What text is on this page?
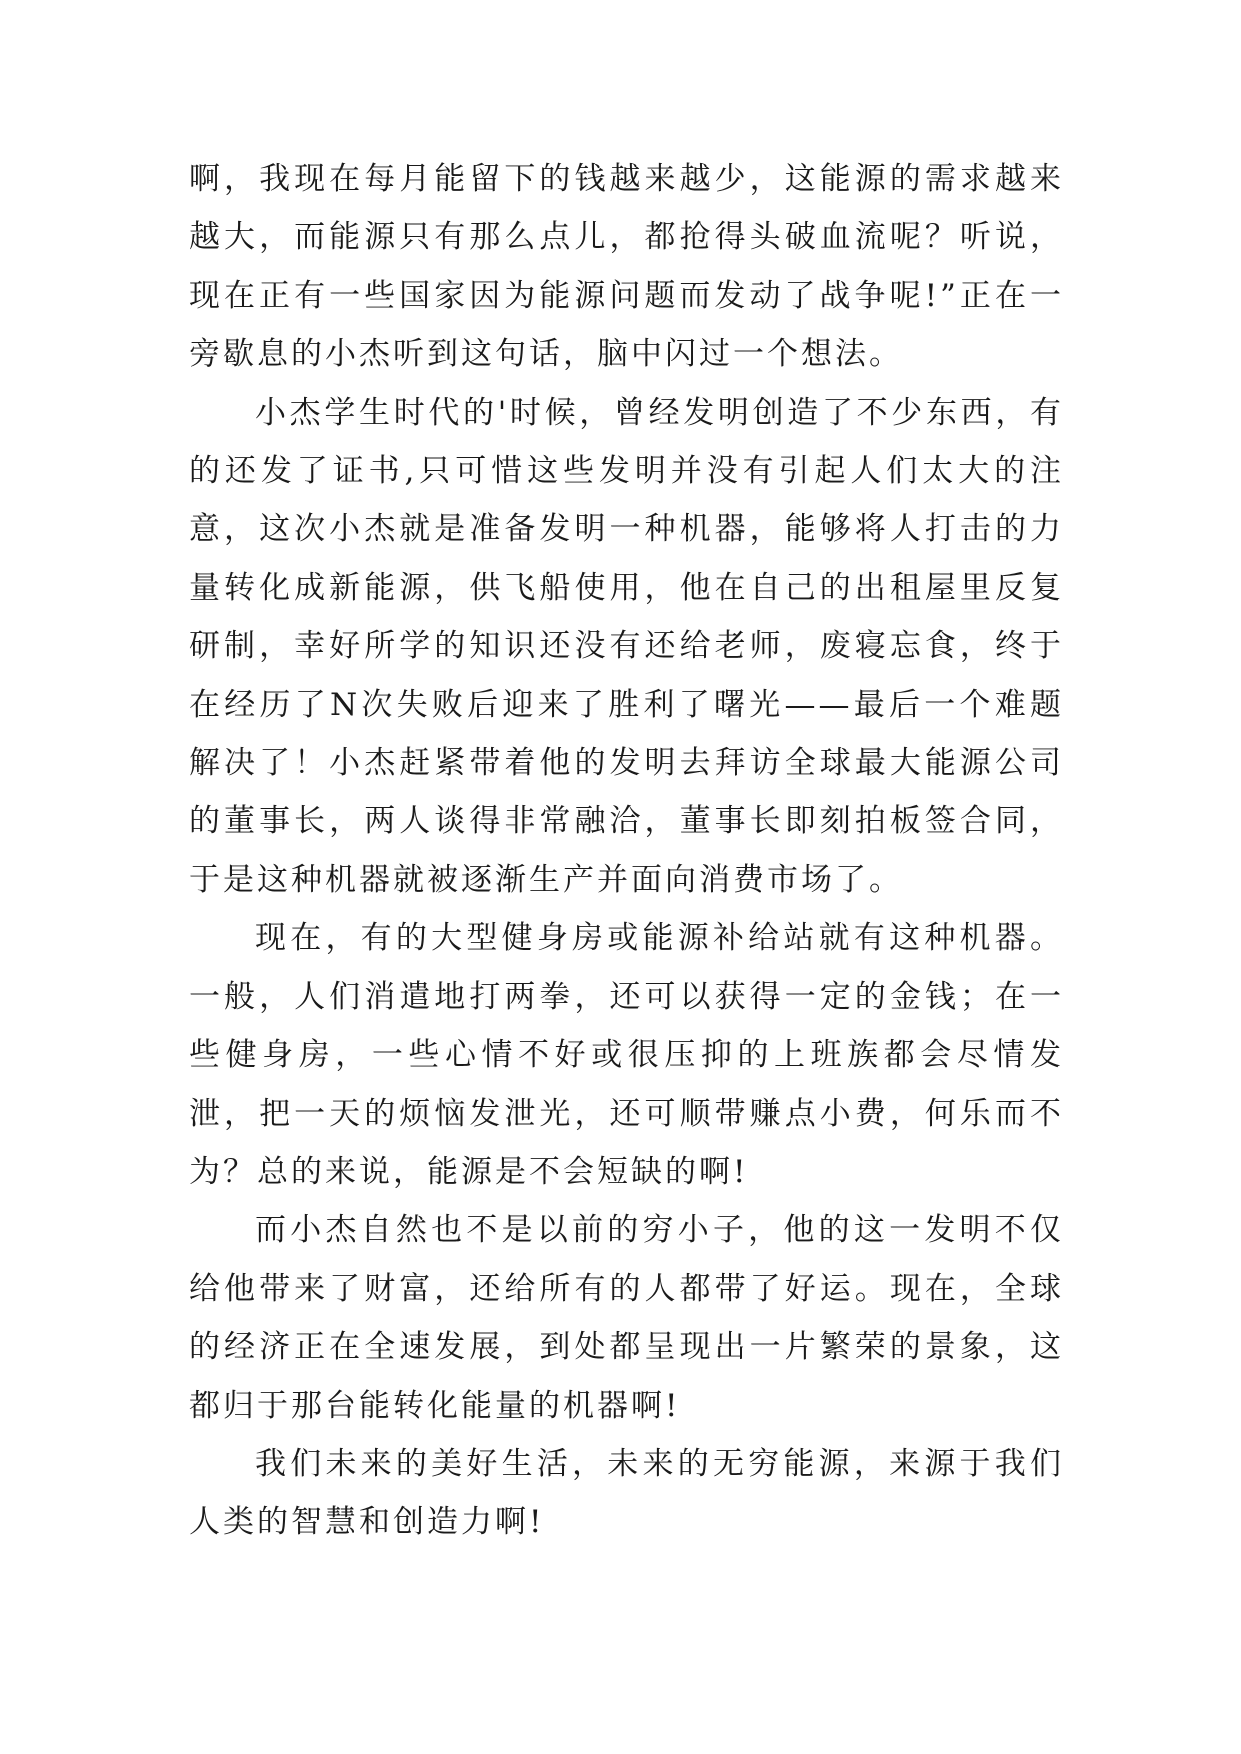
啊，我现在每月能留下的钱越来越少，这能源的需求越来越大，而能源只有那么点儿，都抢得头破血流呢？听说，现在正有一些国家因为能源问题而发动了战争呢!”正在一旁歇息的小杰听到这句话，脑中闪过一个想法。

小杰学生时代的'时候，曾经发明创造了不少东西，有的还发了证书,只可惜这些发明并没有引起人们太大的注意，这次小杰就是准备发明一种机器，能够将人打击的力量转化成新能源，供飞船使用，他在自己的出租屋里反复研制，幸好所学的知识还没有还给老师，废寝忘食，终于在经历了N次失败后迎来了胜利了曙光——最后一个难题解决了！小杰赶紧带着他的发明去拜访全球最大能源公司的董事长，两人谈得非常融洽，董事长即刻拍板签合同，于是这种机器就被逐渐生产并面向消费市场了。

现在，有的大型健身房或能源补给站就有这种机器。一般，人们消遣地打两拳，还可以获得一定的金钱；在一些健身房，一些心情不好或很压抑的上班族都会尽情发泄，把一天的烦恼发泄光，还可顺带赚点小费，何乐而不为？总的来说，能源是不会短缺的啊!

而小杰自然也不是以前的穷小子，他的这一发明不仅给他带来了财富，还给所有的人都带了好运。现在，全球的经济正在全速发展，到处都呈现出一片繁荣的景象，这都归于那台能转化能量的机器啊!

我们未来的美好生活，未来的无穷能源，来源于我们人类的智慧和创造力啊!
